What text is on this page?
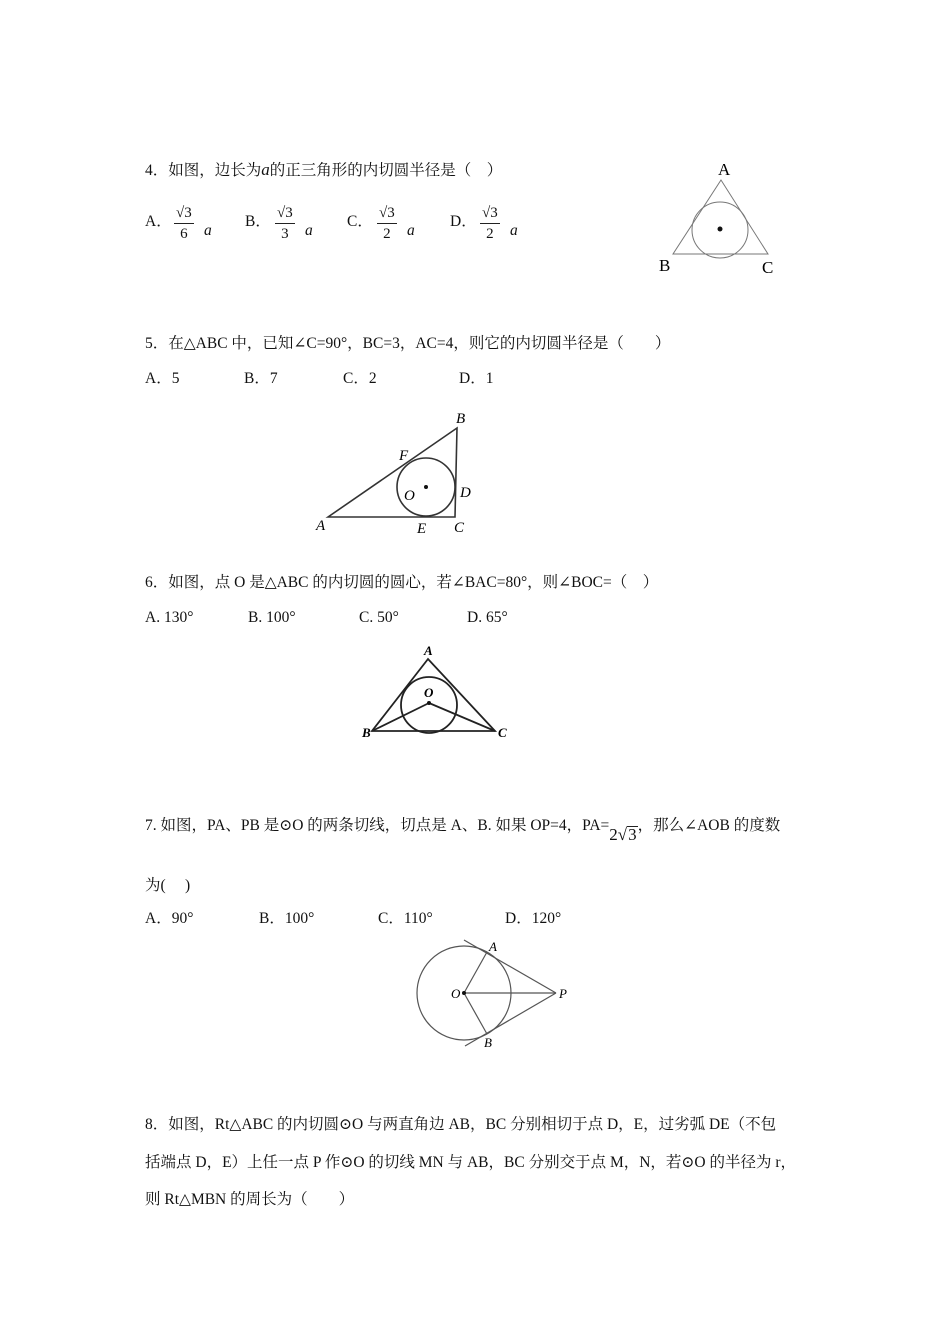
4．如图，边长为a的正三角形的内切圆半径是（　）
A． √3
6	a
B． √3
3	a
C． √3
2	a
D． √3
2	a
A
B	C
5．在△ABC 中，已知∠C=90°，BC=3，AC=4，则它的内切圆半径是（　　）
A．5	B．7	C．2	D．1
B
F
O	D
A	E C
6．如图，点 O 是△ABC 的内切圆的圆心，若∠BAC=80°，则∠BOC=（　）
A. 130°	B. 100°	C. 50°	D. 65°
A
O
B	C
7. 如图，PA、PB 是⊙O 的两条切线，切点是 A、B. 如果 OP=4，PA=2√3，那么∠AOB 的度数
为(　 )
A．90°	B．100°	C．110°	D．120°
A
O	P
B
8．如图，Rt△ABC 的内切圆⊙O 与两直角边 AB，BC 分别相切于点 D，E，过劣弧 DE（不包
括端点 D，E）上任一点 P 作⊙O 的切线 MN 与 AB，BC 分别交于点 M，N，若⊙O 的半径为 r，
则 Rt△MBN 的周长为（　　）
